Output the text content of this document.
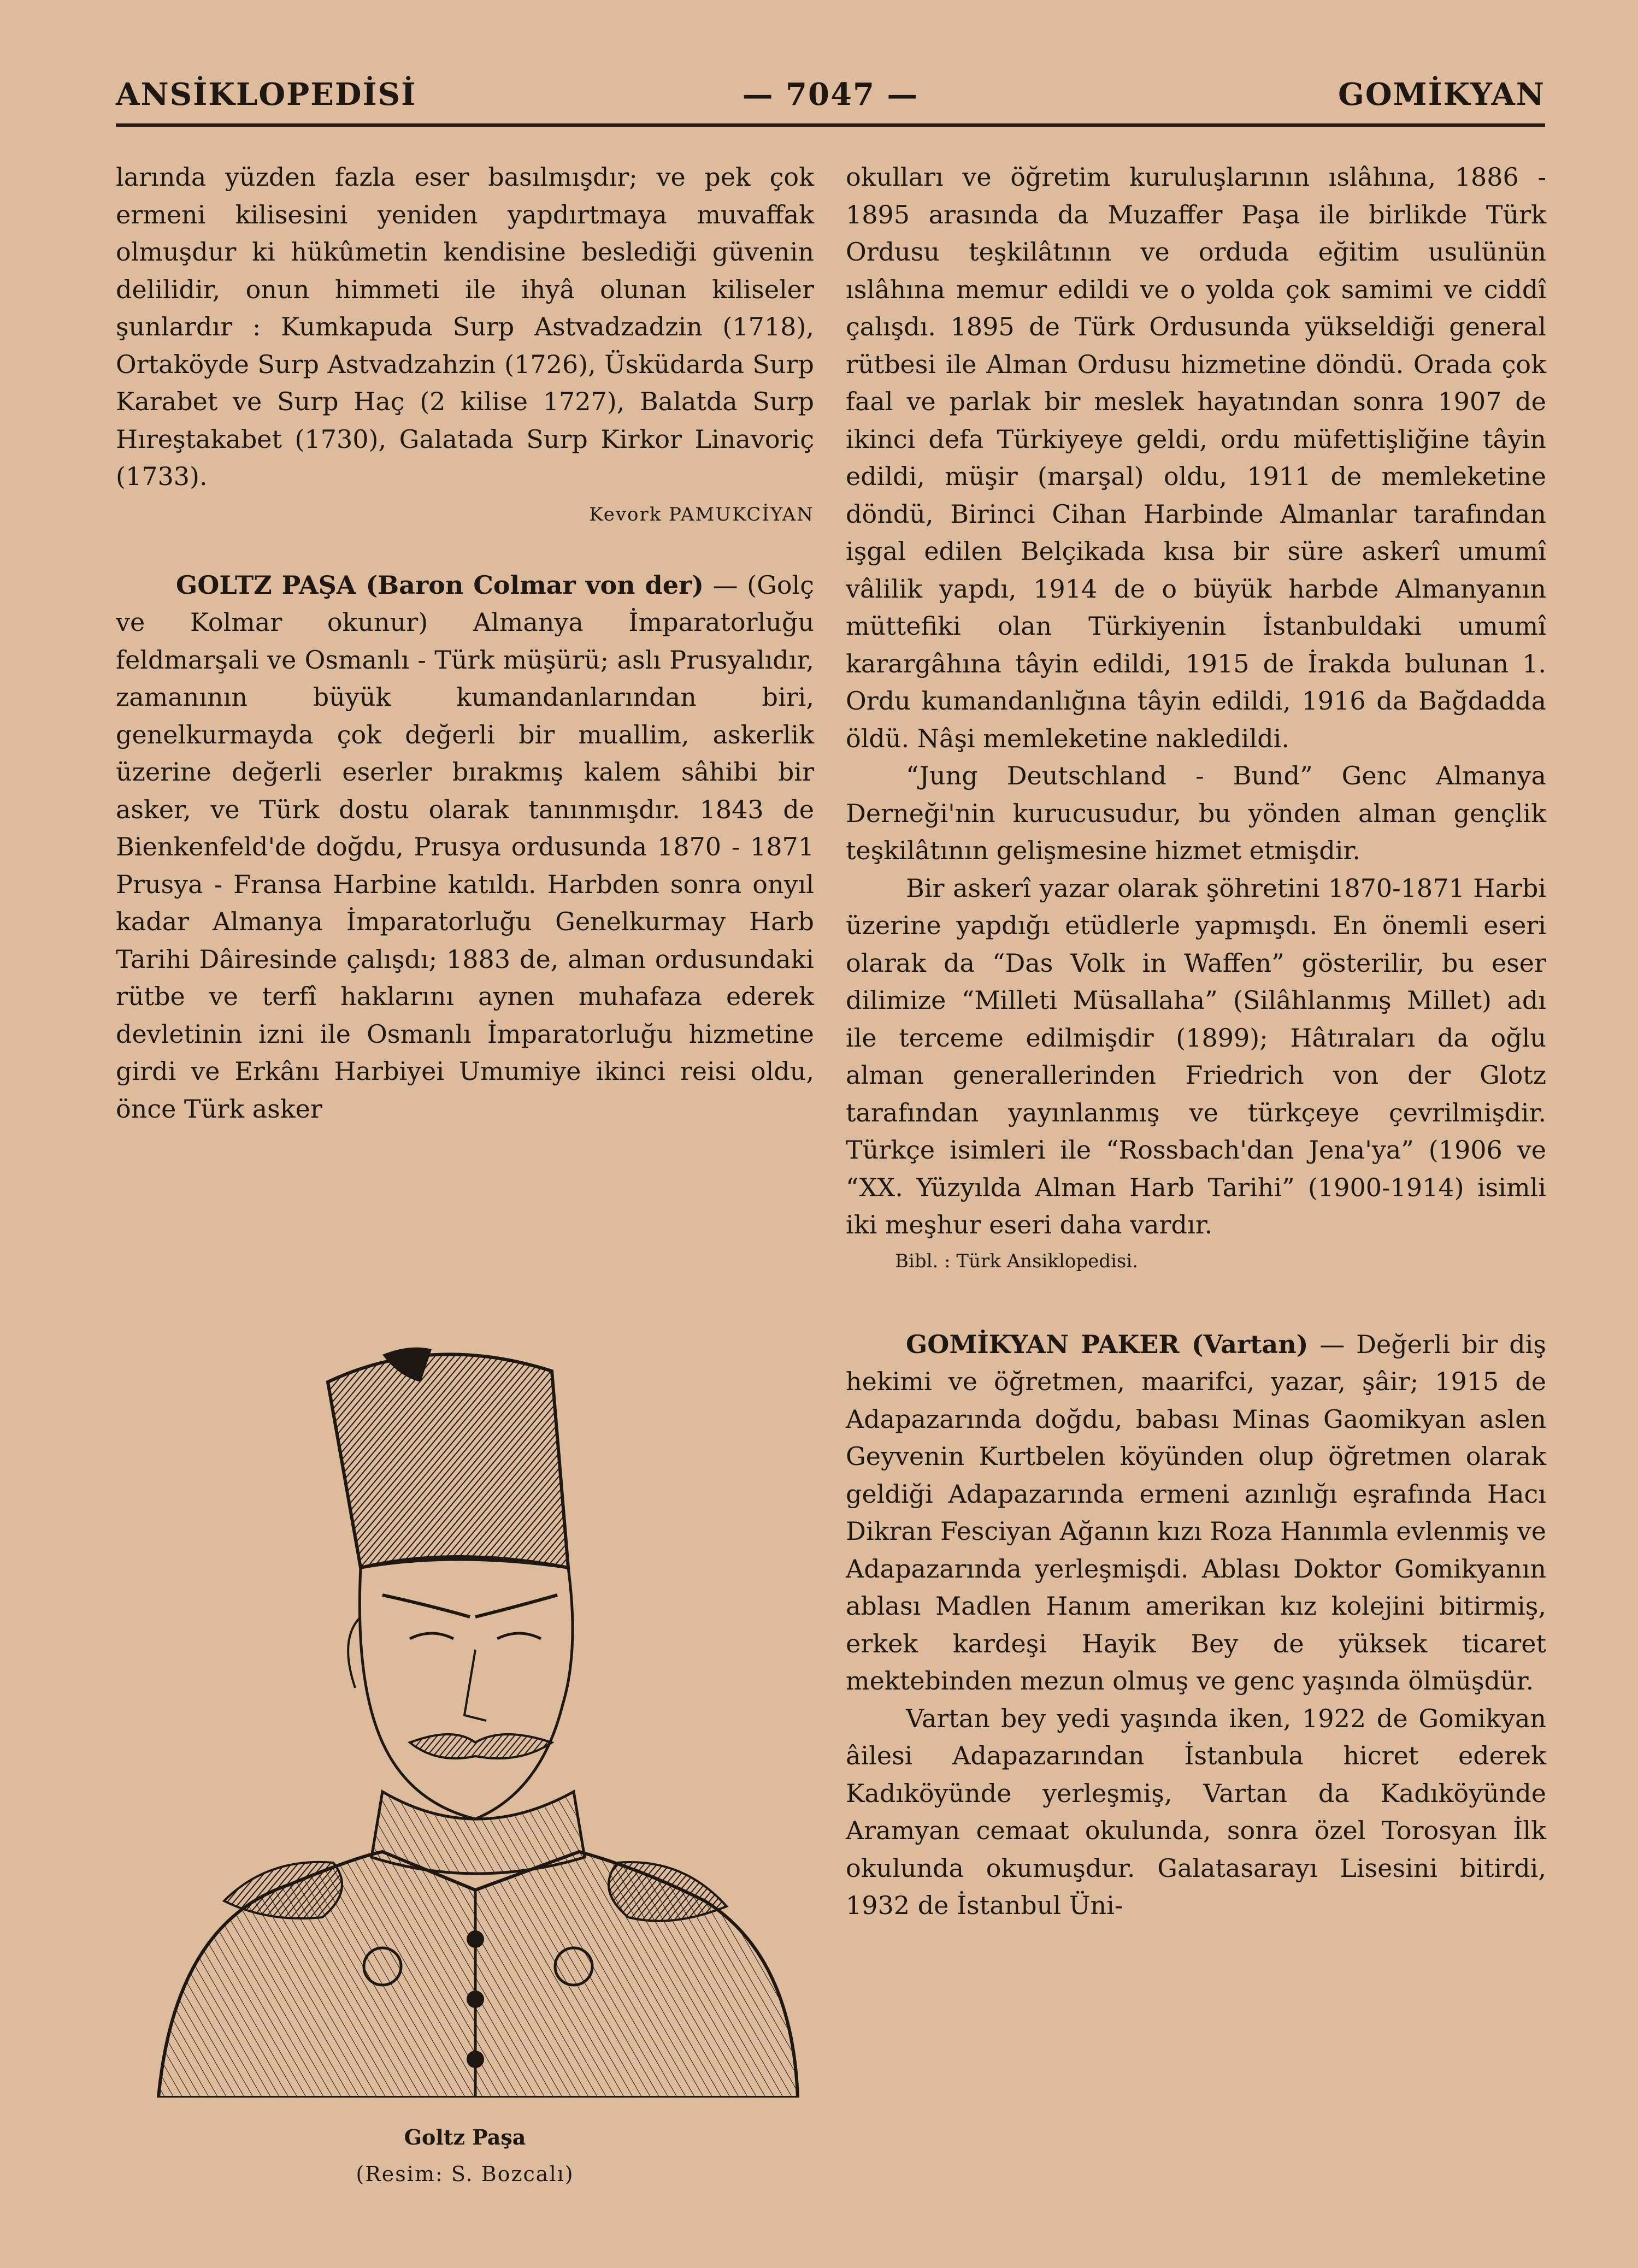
ANSİKLOPEDİSİ	— 7047 —	GOMİKYAN

larında yüzden fazla eser basılmışdır; ve pek çok ermeni kilisesini yeniden yapdırtmaya muvaffak olmuşdur ki hükûmetin kendisine beslediği güvenin delilidir, onun himmeti ile ihyâ olunan kiliseler şunlardır : Kumkapuda Surp Astvadzadzin (1718), Ortaköyde Surp Astvadzahzin (1726), Üsküdarda Surp Karabet ve Surp Haç (2 kilise 1727), Balatda Surp Hıreştakabet (1730), Galatada Surp Kirkor Linavoriç (1733).

Kevork PAMUKCİYAN

GOLTZ PAŞA (Baron Colmar von der) — (Golç ve Kolmar okunur) Almanya İmparatorluğu feldmarşali ve Osmanlı - Türk müşürü; aslı Prusyalıdır, zamanının büyük kumandanlarından biri, genelkurmayda çok değerli bir muallim, askerlik üzerine değerli eserler bırakmış kalem sâhibi bir asker, ve Türk dostu olarak tanınmışdır. 1843 de Bienkenfeld'de doğdu, Prusya ordusunda 1870 - 1871 Prusya - Fransa Harbine katıldı. Harbden sonra onyıl kadar Almanya İmparatorluğu Genelkurmay Harb Tarihi Dâiresinde çalışdı; 1883 de, alman ordusundaki rütbe ve terfî haklarını aynen muhafaza ederek devletinin izni ile Osmanlı İmparatorluğu hizmetine girdi ve Erkânı Harbiyei Umumiye ikinci reisi oldu, önce Türk asker

Goltz Paşa
(Resim: S. Bozcalı)

okulları ve öğretim kuruluşlarının ıslâhına, 1886 - 1895 arasında da Muzaffer Paşa ile birlikde Türk Ordusu teşkilâtının ve orduda eğitim usulünün ıslâhına memur edildi ve o yolda çok samimi ve ciddî çalışdı. 1895 de Türk Ordusunda yükseldiği general rütbesi ile Alman Ordusu hizmetine döndü. Orada çok faal ve parlak bir meslek hayatından sonra 1907 de ikinci defa Türkiyeye geldi, ordu müfettişliğine tâyin edildi, müşir (marşal) oldu, 1911 de memleketine döndü, Birinci Cihan Harbinde Almanlar tarafından işgal edilen Belçikada kısa bir süre askerî umumî vâlilik yapdı, 1914 de o büyük harbde Almanyanın müttefiki olan Türkiyenin İstanbuldaki umumî karargâhına tâyin edildi, 1915 de İrakda bulunan 1. Ordu kumandanlığına tâyin edildi, 1916 da Bağdadda öldü. Nâşi memleketine nakledildi.

“Jung Deutschland - Bund” Genc Almanya Derneği'nin kurucusudur, bu yönden alman gençlik teşkilâtının gelişmesine hizmet etmişdir.

Bir askerî yazar olarak şöhretini 1870-1871 Harbi üzerine yapdığı etüdlerle yapmışdı. En önemli eseri olarak da “Das Volk in Waffen” gösterilir, bu eser dilimize “Milleti Müsallaha” (Silâhlanmış Millet) adı ile terceme edilmişdir (1899); Hâtıraları da oğlu alman generallerinden Friedrich von der Glotz tarafından yayınlanmış ve türkçeye çevrilmişdir. Türkçe isimleri ile “Rossbach'dan Jena'ya” (1906 ve “XX. Yüzyılda Alman Harb Tarihi” (1900-1914) isimli iki meşhur eseri daha vardır.

Bibl. : Türk Ansiklopedisi.

GOMİKYAN PAKER (Vartan) — Değerli bir diş hekimi ve öğretmen, maarifci, yazar, şâir; 1915 de Adapazarında doğdu, babası Minas Gaomikyan aslen Geyvenin Kurtbelen köyünden olup öğretmen olarak geldiği Adapazarında ermeni azınlığı eşrafında Hacı Dikran Fesciyan Ağanın kızı Roza Hanımla evlenmiş ve Adapazarında yerleşmişdi. Ablası Doktor Gomikyanın ablası Madlen Hanım amerikan kız kolejini bitirmiş, erkek kardeşi Hayik Bey de yüksek ticaret mektebinden mezun olmuş ve genc yaşında ölmüşdür.

Vartan bey yedi yaşında iken, 1922 de Gomikyan âilesi Adapazarından İstanbula hicret ederek Kadıköyünde yerleşmiş, Vartan da Kadıköyünde Aramyan cemaat okulunda, sonra özel Torosyan İlk okulunda okumuşdur. Galatasarayı Lisesini bitirdi, 1932 de İstanbul Üni-
